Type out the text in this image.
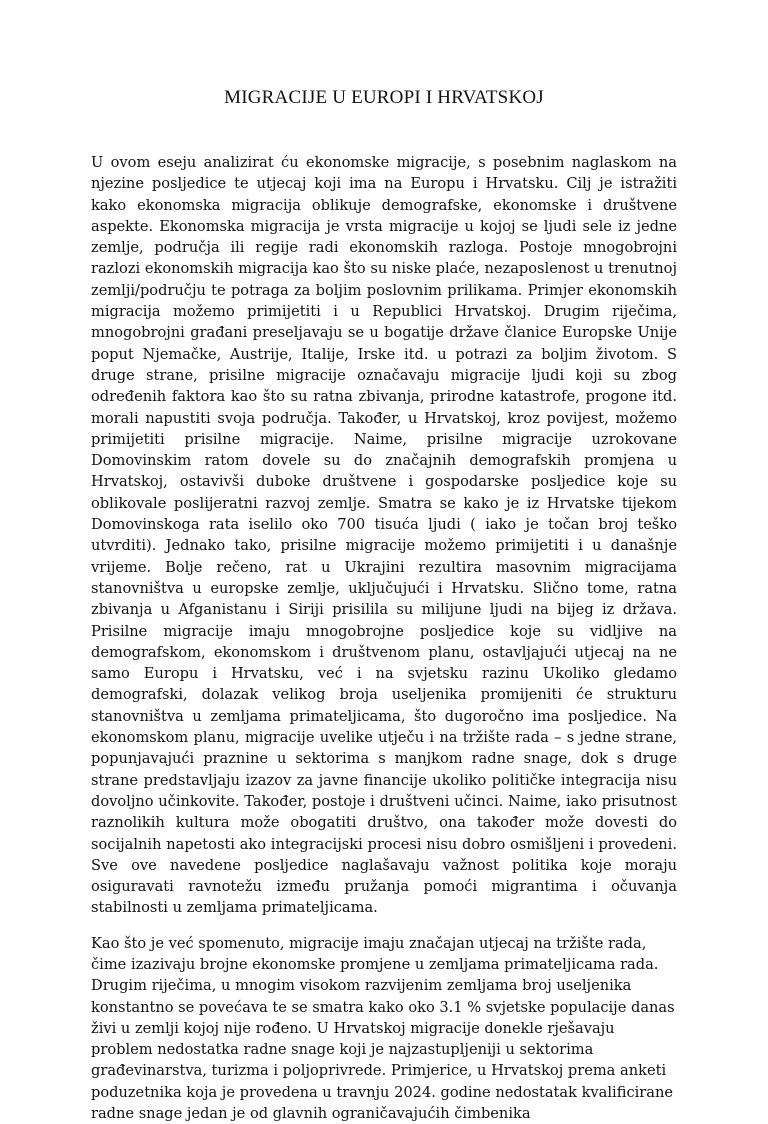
MIGRACIJE U EUROPI I HRVATSKOJ

U ovom eseju analizirat ću ekonomske migracije, s posebnim naglaskom na njezine posljedice te utjecaj koji ima na Europu i Hrvatsku. Cilj je istražiti kako ekonomska migracija oblikuje demografske, ekonomske i društvene aspekte. Ekonomska migracija je vrsta migracije u kojoj se ljudi sele iz jedne zemlje, područja ili regije radi ekonomskih razloga. Postoje mnogobrojni razlozi ekonomskih migracija kao što su niske plaće, nezaposlenost u trenutnoj zemlji/području te potraga za boljim poslovnim prilikama. Primjer ekonomskih migracija možemo primijetiti i u Republici Hrvatskoj. Drugim riječima, mnogobrojni građani preseljavaju se u bogatije države članice Europske Unije poput Njemačke, Austrije, Italije, Irske itd. u potrazi za boljim životom. S druge strane, prisilne migracije označavaju migracije ljudi koji su zbog određenih faktora kao što su ratna zbivanja, prirodne katastrofe, progone itd. morali napustiti svoja područja. Također, u Hrvatskoj, kroz povijest, možemo primijetiti prisilne migracije. Naime, prisilne migracije uzrokovane Domovinskim ratom dovele su do značajnih demografskih promjena u Hrvatskoj, ostavivši duboke društvene i gospodarske posljedice koje su oblikovale poslijeratni razvoj zemlje. Smatra se kako je iz Hrvatske tijekom Domovinskoga rata iselilo oko 700 tisuća ljudi ( iako je točan broj teško utvrditi). Jednako tako, prisilne migracije možemo primijetiti i u današnje vrijeme. Bolje rečeno, rat u Ukrajini rezultira masovnim migracijama stanovništva u europske zemlje, uključujući i Hrvatsku. Slično tome, ratna zbivanja u Afganistanu i Siriji prisilila su milijune ljudi na bijeg iz država. Prisilne migracije imaju mnogobrojne posljedice koje su vidljive na demografskom, ekonomskom i društvenom planu, ostavljajući utjecaj na ne samo Europu i Hrvatsku, već i na svjetsku razinu Ukoliko gledamo demografski, dolazak velikog broja useljenika promijeniti će strukturu stanovništva u zemljama primateljicama, što dugoročno ima posljedice. Na ekonomskom planu, migracije uvelike utječu i na tržište rada – s jedne strane, popunjavajući praznine u sektorima s manjkom radne snage, dok s druge strane predstavljaju izazov za javne financije ukoliko političke integracija nisu dovoljno učinkovite. Također, postoje i društveni učinci. Naime, iako prisutnost raznolikih kultura može obogatiti društvo, ona također može dovesti do socijalnih napetosti ako integracijski procesi nisu dobro osmišljeni i provedeni. Sve ove navedene posljedice naglašavaju važnost politika koje moraju osiguravati ravnotežu između pružanja pomoći migrantima i očuvanja stabilnosti u zemljama primateljicama.

Kao što je već spomenuto, migracije imaju značajan utjecaj na tržište rada, čime izazivaju brojne ekonomske promjene u zemljama primateljicama rada. Drugim riječima, u mnogim visokom razvijenim zemljama broj useljenika konstantno se povećava te se smatra kako oko 3.1 % svjetske populacije danas živi u zemlji kojoj nije rođeno. U Hrvatskoj migracije donekle rješavaju problem nedostatka radne snage koji je najzastupljeniji u sektorima građevinarstva, turizma i poljoprivrede. Primjerice, u Hrvatskoj prema anketi poduzetnika koja je provedena u travnju 2024. godine nedostatak kvalificirane radne snage jedan je od glavnih ograničavajućih čimbenika
